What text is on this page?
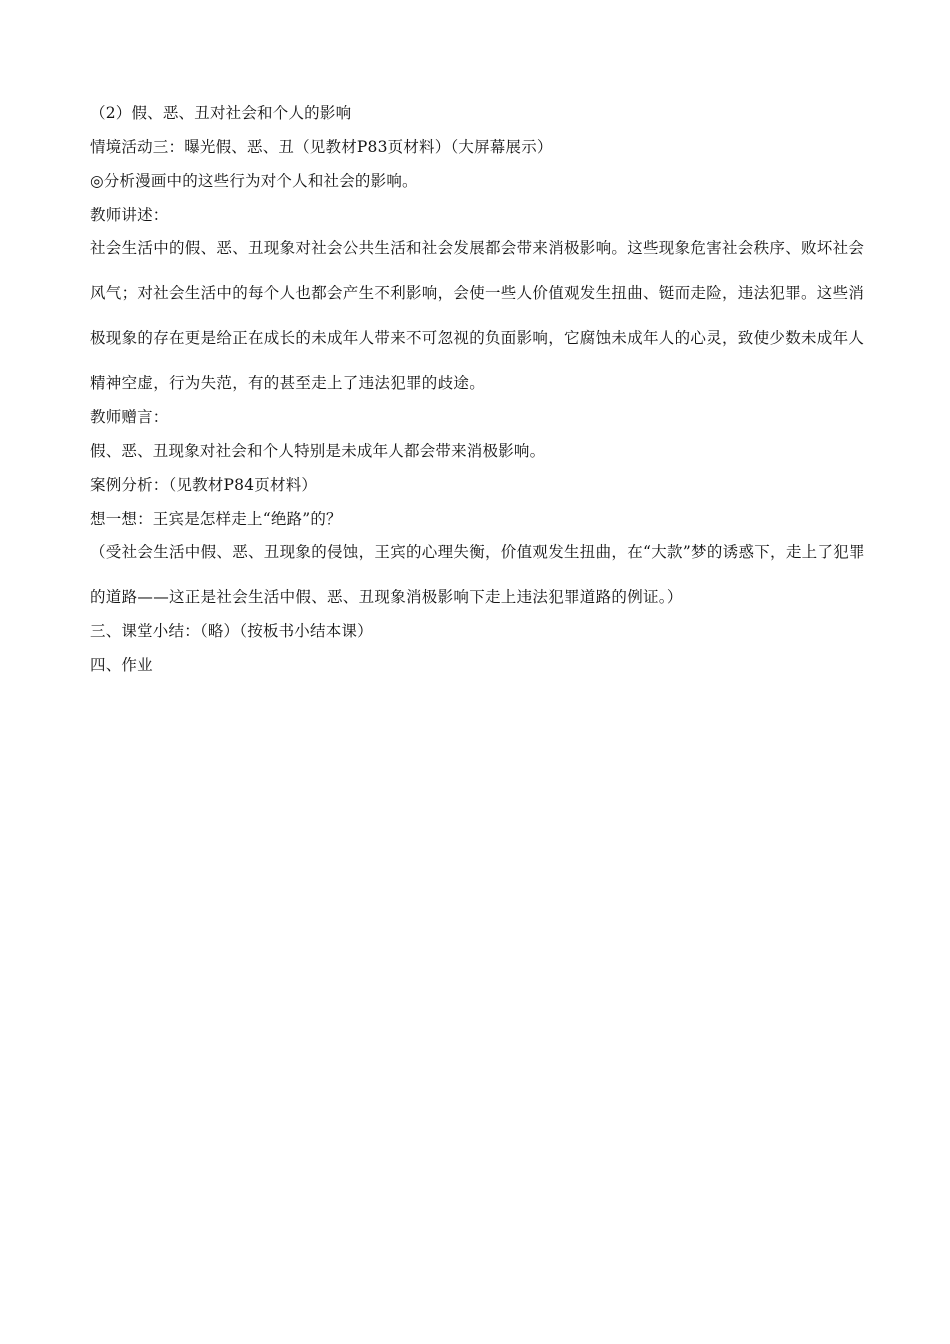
（2）假、恶、丑对社会和个人的影响
情境活动三：曝光假、恶、丑（见教材P83页材料）（大屏幕展示）
◎分析漫画中的这些行为对个人和社会的影响。
教师讲述：
社会生活中的假、恶、丑现象对社会公共生活和社会发展都会带来消极影响。这些现象危害社会秩序、败坏社会风气；对社会生活中的每个人也都会产生不利影响，会使一些人价值观发生扭曲、铤而走险，违法犯罪。这些消极现象的存在更是给正在成长的未成年人带来不可忽视的负面影响，它腐蚀未成年人的心灵，致使少数未成年人精神空虚，行为失范，有的甚至走上了违法犯罪的歧途。
教师赠言：
假、恶、丑现象对社会和个人特别是未成年人都会带来消极影响。
案例分析：（见教材P84页材料）
想一想：王宾是怎样走上“绝路”的？
（受社会生活中假、恶、丑现象的侵蚀，王宾的心理失衡，价值观发生扭曲，在“大款”梦的诱惑下，走上了犯罪的道路——这正是社会生活中假、恶、丑现象消极影响下走上违法犯罪道路的例证。）
三、课堂小结：（略）（按板书小结本课）
四、作业
